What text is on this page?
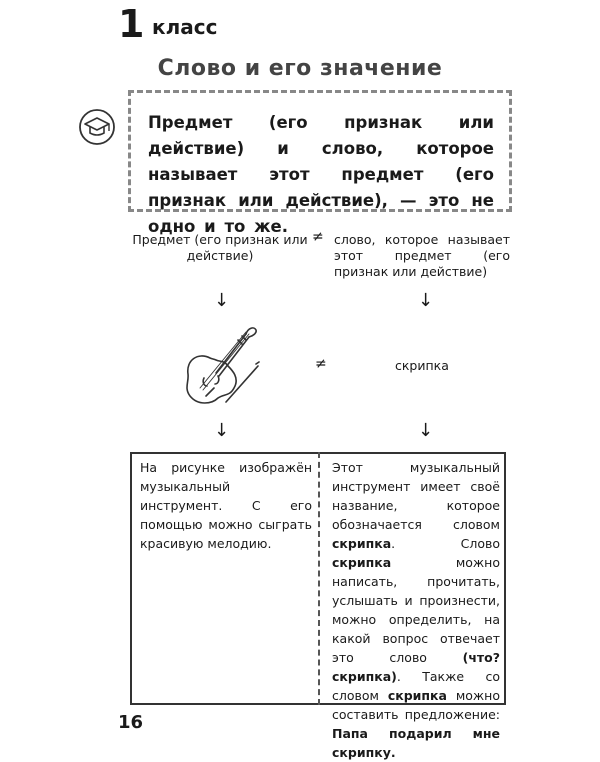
1 класс
Слово и его значение
Предмет (его признак или действие) и слово, которое называет этот предмет (его признак или действие), — это не одно и то же.
Предмет (его признак или действие)
≠ слово, которое называет этот предмет (его признак или действие)
↓	↓
≠	скрипка
↓	↓
На рисунке изображён музыкальный инструмент. С его помощью можно сыграть красивую мелодию.
Этот музыкальный инструмент имеет своё название, которое обозначается словом скрипка. Слово скрипка можно написать, прочитать, услышать и произнести, можно определить, на какой вопрос отвечает это слово (что? скрипка). Также со словом скрипка можно составить предложение: Папа подарил мне скрипку.
16
